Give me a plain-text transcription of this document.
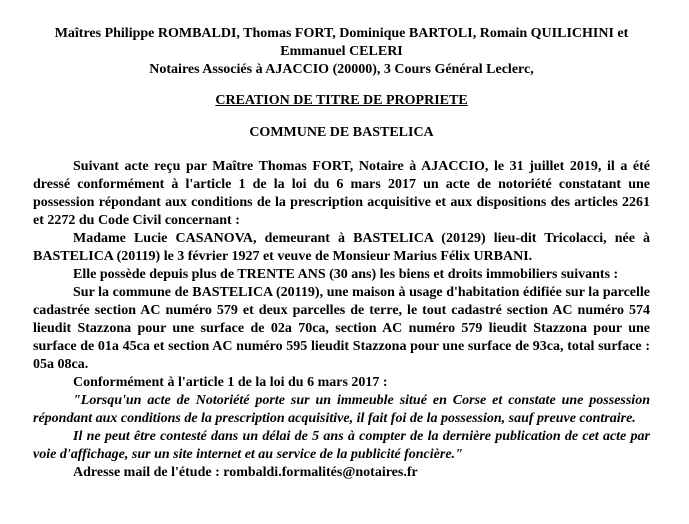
Maîtres Philippe ROMBALDI, Thomas FORT, Dominique BARTOLI, Romain QUILICHINI et
Emmanuel CELERI
Notaires Associés à AJACCIO (20000), 3 Cours Général Leclerc,
CREATION DE TITRE DE PROPRIETE
COMMUNE DE BASTELICA

Suivant acte reçu par Maître Thomas FORT, Notaire à AJACCIO, le 31 juillet 2019, il a été dressé conformément à l'article 1 de la loi du 6 mars 2017 un acte de notoriété constatant une possession répondant aux conditions de la prescription acquisitive et aux dispositions des articles 2261 et 2272 du Code Civil concernant :

Madame Lucie CASANOVA, demeurant à BASTELICA (20129) lieu-dit Tricolacci, née à BASTELICA (20119) le 3 février 1927 et veuve de Monsieur Marius Félix URBANI.

Elle possède depuis plus de TRENTE ANS (30 ans) les biens et droits immobiliers suivants :

Sur la commune de BASTELICA (20119), une maison à usage d'habitation édifiée sur la parcelle cadastrée section AC numéro 579 et deux parcelles de terre, le tout cadastré section AC numéro 574 lieudit Stazzona pour une surface de 02a 70ca, section AC numéro 579 lieudit Stazzona pour une surface de 01a 45ca et section AC numéro 595 lieudit Stazzona pour une surface de 93ca, total surface : 05a 08ca.

Conformément à l'article 1 de la loi du 6 mars 2017 :

"Lorsqu'un acte de Notoriété porte sur un immeuble situé en Corse et constate une possession répondant aux conditions de la prescription acquisitive, il fait foi de la possession, sauf preuve contraire.

Il ne peut être contesté dans un délai de 5 ans à compter de la dernière publication de cet acte par voie d'affichage, sur un site internet et au service de la publicité foncière."

Adresse mail de l'étude : rombaldi.formalités@notaires.fr
